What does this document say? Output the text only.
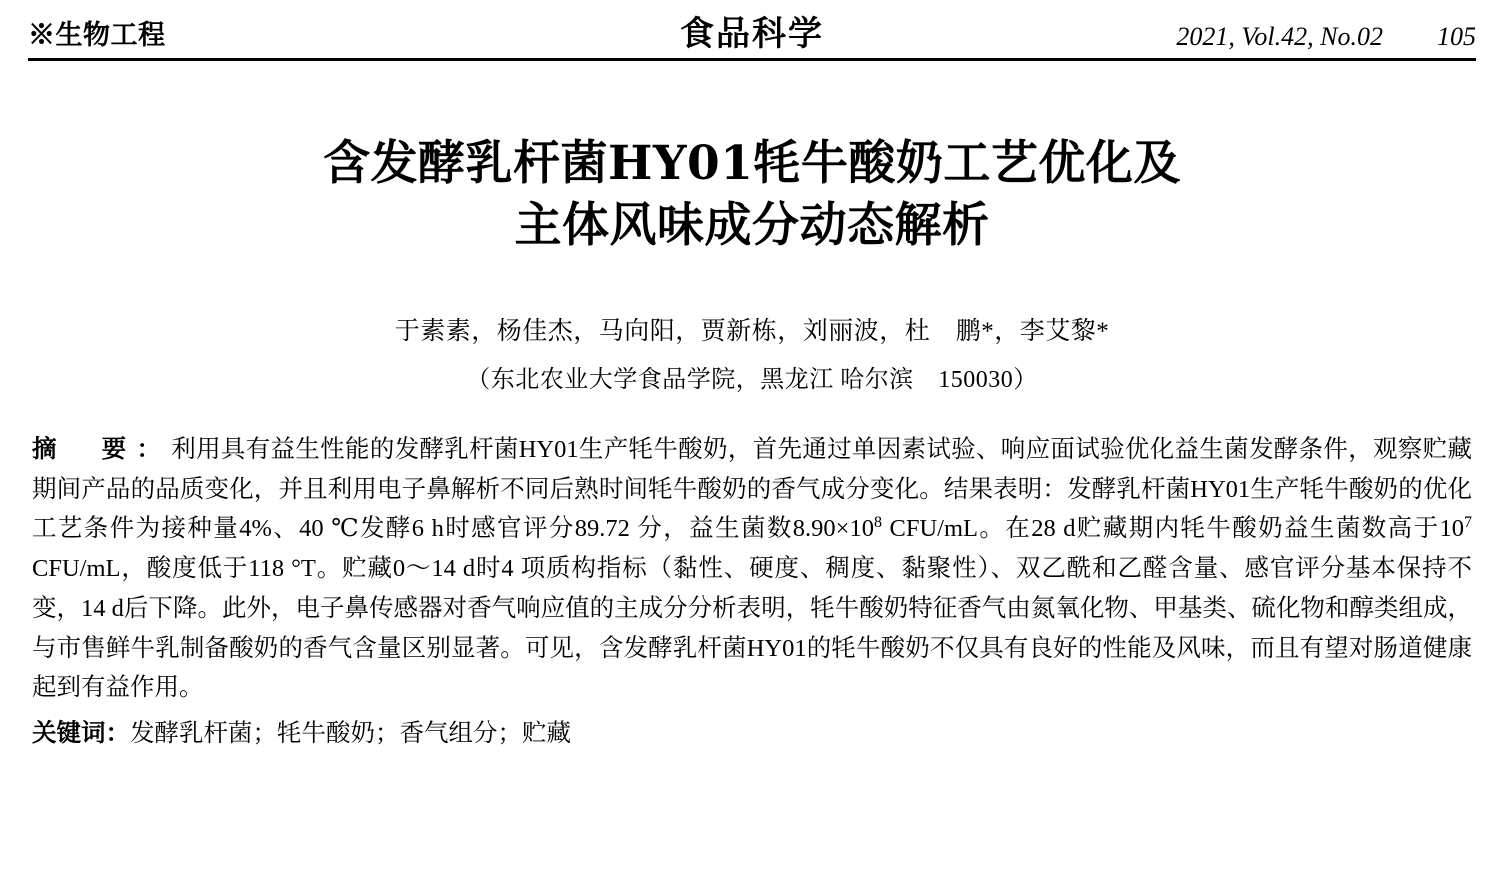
※生物工程	食品科学	2021, Vol.42, No.02 105
含发酵乳杆菌HY01牦牛酸奶工艺优化及
主体风味成分动态解析
于素素，杨佳杰，马向阳，贾新栋，刘丽波，杜　鹏*，李艾黎*
（东北农业大学食品学院，黑龙江 哈尔滨　150030）
摘　要：利用具有益生性能的发酵乳杆菌HY01生产牦牛酸奶，首先通过单因素试验、响应面试验优化益生菌发酵条件，观察贮藏期间产品的品质变化，并且利用电子鼻解析不同后熟时间牦牛酸奶的香气成分变化。结果表明：发酵乳杆菌HY01生产牦牛酸奶的优化工艺条件为接种量4%、40 ℃发酵6 h时感官评分89.72 分，益生菌数$8.90\times 10^8$ CFU/mL。在28 d贮藏期内牦牛酸奶益生菌数高于$10^7$ CFU/mL，酸度低于118 °T。贮藏0～14 d时4 项质构指标（黏性、硬度、稠度、黏聚性）、双乙酰和乙醛含量、感官评分基本保持不变，14 d后下降。此外，电子鼻传感器对香气响应值的主成分分析表明，牦牛酸奶特征香气由氮氧化物、甲基类、硫化物和醇类组成，与市售鲜牛乳制备酸奶的香气含量区别显著。可见，含发酵乳杆菌HY01的牦牛酸奶不仅具有良好的性能及风味，而且有望对肠道健康起到有益作用。
关键词：发酵乳杆菌；牦牛酸奶；香气组分；贮藏
